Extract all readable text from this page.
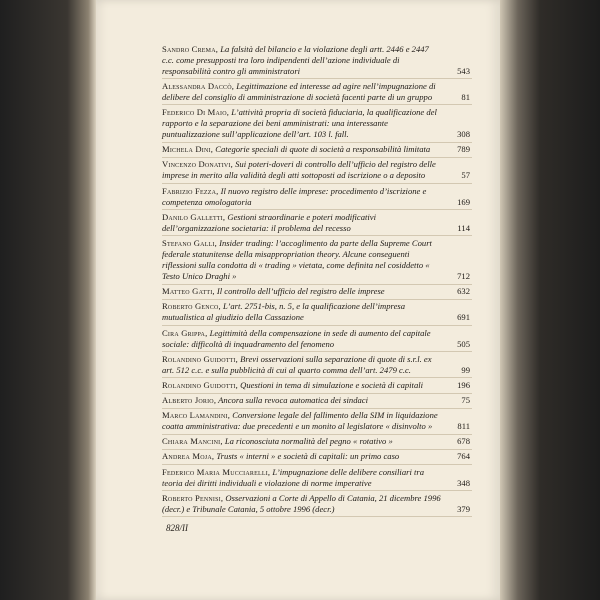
Sandro Crema, La falsità del bilancio e la violazione degli artt. 2446 e 2447 c.c. come presupposti tra loro indipendenti dell’azione individuale di responsabilità contro gli amministratori	543
Alessandra Daccò, Legittimazione ed interesse ad agire nell’impugnazione di delibere del consiglio di amministrazione di società facenti parte di un gruppo	81
Federico Di Maio, L’attività propria di società fiduciaria, la qualificazione del rapporto e la separazione dei beni amministrati: una interessante puntualizzazione sull’applicazione dell’art. 103 l. fall.	308
Michela Dini, Categorie speciali di quote di società a responsabilità limitata	789
Vincenzo Donativi, Sui poteri-doveri di controllo dell’ufficio del registro delle imprese in merito alla validità degli atti sottoposti ad iscrizione o a deposito	57
Fabrizio Fezza, Il nuovo registro delle imprese: procedimento d’iscrizione e competenza omologatoria	169
Danilo Galletti, Gestioni straordinarie e poteri modificativi dell’organizzazione societaria: il problema del recesso	114
Stefano Galli, Insider trading: l’accoglimento da parte della Supreme Court federale statunitense della misappropriation theory. Alcune conseguenti riflessioni sulla condotta di « trading » vietata, come definita nel cosiddetto « Testo Unico Draghi »	712
Matteo Gatti, Il controllo dell’ufficio del registro delle imprese	632
Roberto Genco, L’art. 2751-bis, n. 5, e la qualificazione dell’impresa mutualistica al giudizio della Cassazione	691
Cira Grippa, Legittimità della compensazione in sede di aumento del capitale sociale: difficoltà di inquadramento del fenomeno	505
Rolandino Guidotti, Brevi osservazioni sulla separazione di quote di s.r.l. ex art. 512 c.c. e sulla pubblicità di cui al quarto comma dell’art. 2479 c.c.	99
Rolandino Guidotti, Questioni in tema di simulazione e società di capitali	196
Alberto Jorio, Ancora sulla revoca automatica dei sindaci	75
Marco Lamandini, Conversione legale del fallimento della SIM in liquidazione coatta amministrativa: due precedenti e un monito al legislatore « disinvolto »	811
Chiara Mancini, La riconosciuta normalità del pegno « rotativo »	678
Andrea Moja, Trusts « interni » e società di capitali: un primo caso	764
Federico Maria Mucciarelli, L’impugnazione delle delibere consiliari tra teoria dei diritti individuali e violazione di norme imperative	348
Roberto Pennisi, Osservazioni a Corte di Appello di Catania, 21 dicembre 1996 (decr.) e Tribunale Catania, 5 ottobre 1996 (decr.)	379
828/II
